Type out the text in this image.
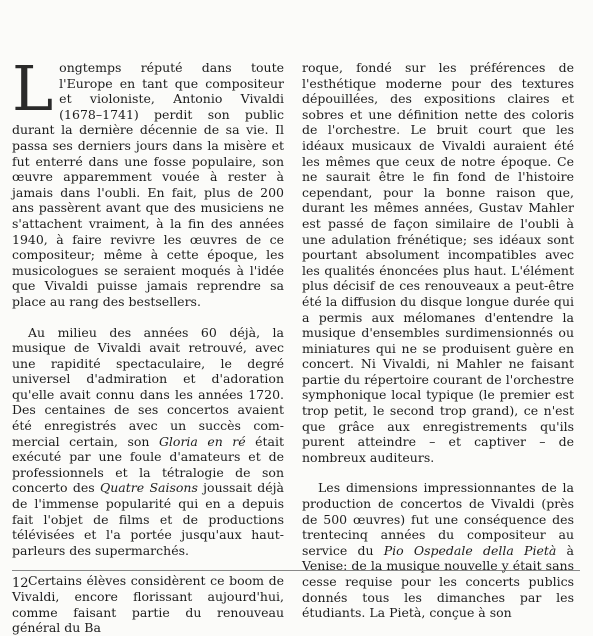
Longtemps réputé dans toute l'Europe en tant que compositeur et violoniste, Antonio Vivaldi (1678–1741) perdit son public durant la dernière décennie de sa vie. Il passa ses derniers jours dans la misère et fut enterré dans une fosse populaire, son œuvre apparemment vouée à rester à jamais dans l'oubli. En fait, plus de 200 ans passèrent avant que des musiciens ne s'attachent vraiment, à la fin des années 1940, à faire revivre les œuvres de ce compositeur; même à cette époque, les musicologues se seraient moqués à l'idée que Vivaldi puisse jamais reprendre sa place au rang des bestsellers.

Au milieu des années 60 déjà, la musique de Vivaldi avait retrouvé, avec une rapidité spectaculaire, le degré universel d'admiration et d'adoration qu'elle avait connu dans les années 1720. Des centaines de ses concertos avaient été enregistrés avec un succès commercial certain, son Gloria en ré était exécuté par une foule d'amateurs et de professionnels et la tétralogie de son concerto des Quatre Saisons joussait déjà de l'immense popularité qui en a depuis fait l'objet de films et de productions télévisées et l'a portée jusqu'aux haut-parleurs des supermarchés.

Certains élèves considèrent ce boom de Vivaldi, encore florissant aujourd'hui, comme faisant partie du renouveau général du Ba

roque, fondé sur les préférences de l'esthétique moderne pour des textures dépouillées, des expositions claires et sobres et une définition nette des coloris de l'orchestre. Le bruit court que les idéaux musicaux de Vivaldi auraient été les mêmes que ceux de notre époque. Ce ne saurait être le fin fond de l'histoire cependant, pour la bonne raison que, durant les mêmes années, Gustav Mahler est passé de façon similaire de l'oubli à une adulation frénétique; ses idéaux sont pourtant absolument incompatibles avec les qualités énoncées plus haut. L'élément plus décisif de ces renouveaux a peut-être été la diffusion du disque longue durée qui a permis aux mélomanes d'entendre la musique d'ensembles surdimensionnés ou miniatures qui ne se produisent guère en concert. Ni Vivaldi, ni Mahler ne faisant partie du répertoire courant de l'orchestre symphonique local typique (le premier est trop petit, le second trop grand), ce n'est que grâce aux enregistrements qu'ils purent atteindre – et captiver – de nombreux auditeurs.

Les dimensions impressionnantes de la production de concertos de Vivaldi (près de 500 œuvres) fut une conséquence des trentecinq années du compositeur au service du Pio Ospedale della Pietà à Venise: de la musique nouvelle y était sans cesse requise pour les concerts publics donnés tous les dimanches par les étudiants. La Pietà, conçue à son

12
